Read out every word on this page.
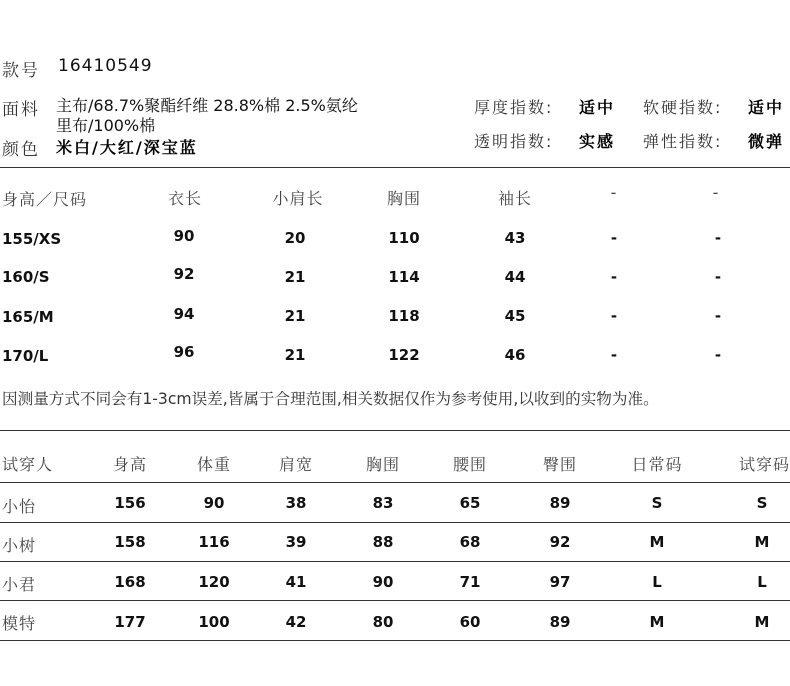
款号 16410549
面料 主布/68.7%聚酯纤维 28.8%棉 2.5%氨纶
里布/100%棉
颜色 米白/大红/深宝蓝
厚度指数: 适中 软硬指数: 适中
透明指数: 实感 弹性指数: 微弹
身高／尺码	衣长	小肩长	胸围	袖长	-	-
155/XS	90	20	110	43	-	-
160/S	92	21	114	44	-	-
165/M	94	21	118	45	-	-
170/L	96	21	122	46	-	-
因测量方式不同会有1-3cm误差,皆属于合理范围,相关数据仅作为参考使用,以收到的实物为准。
试穿人	身高	体重	肩宽	胸围	腰围	臀围	日常码	试穿码
小怡	156	90	38	83	65	89	S	S
小树	158	116	39	88	68	92	M	M
小君	168	120	41	90	71	97	L	L
模特	177	100	42	80	60	89	M	M
